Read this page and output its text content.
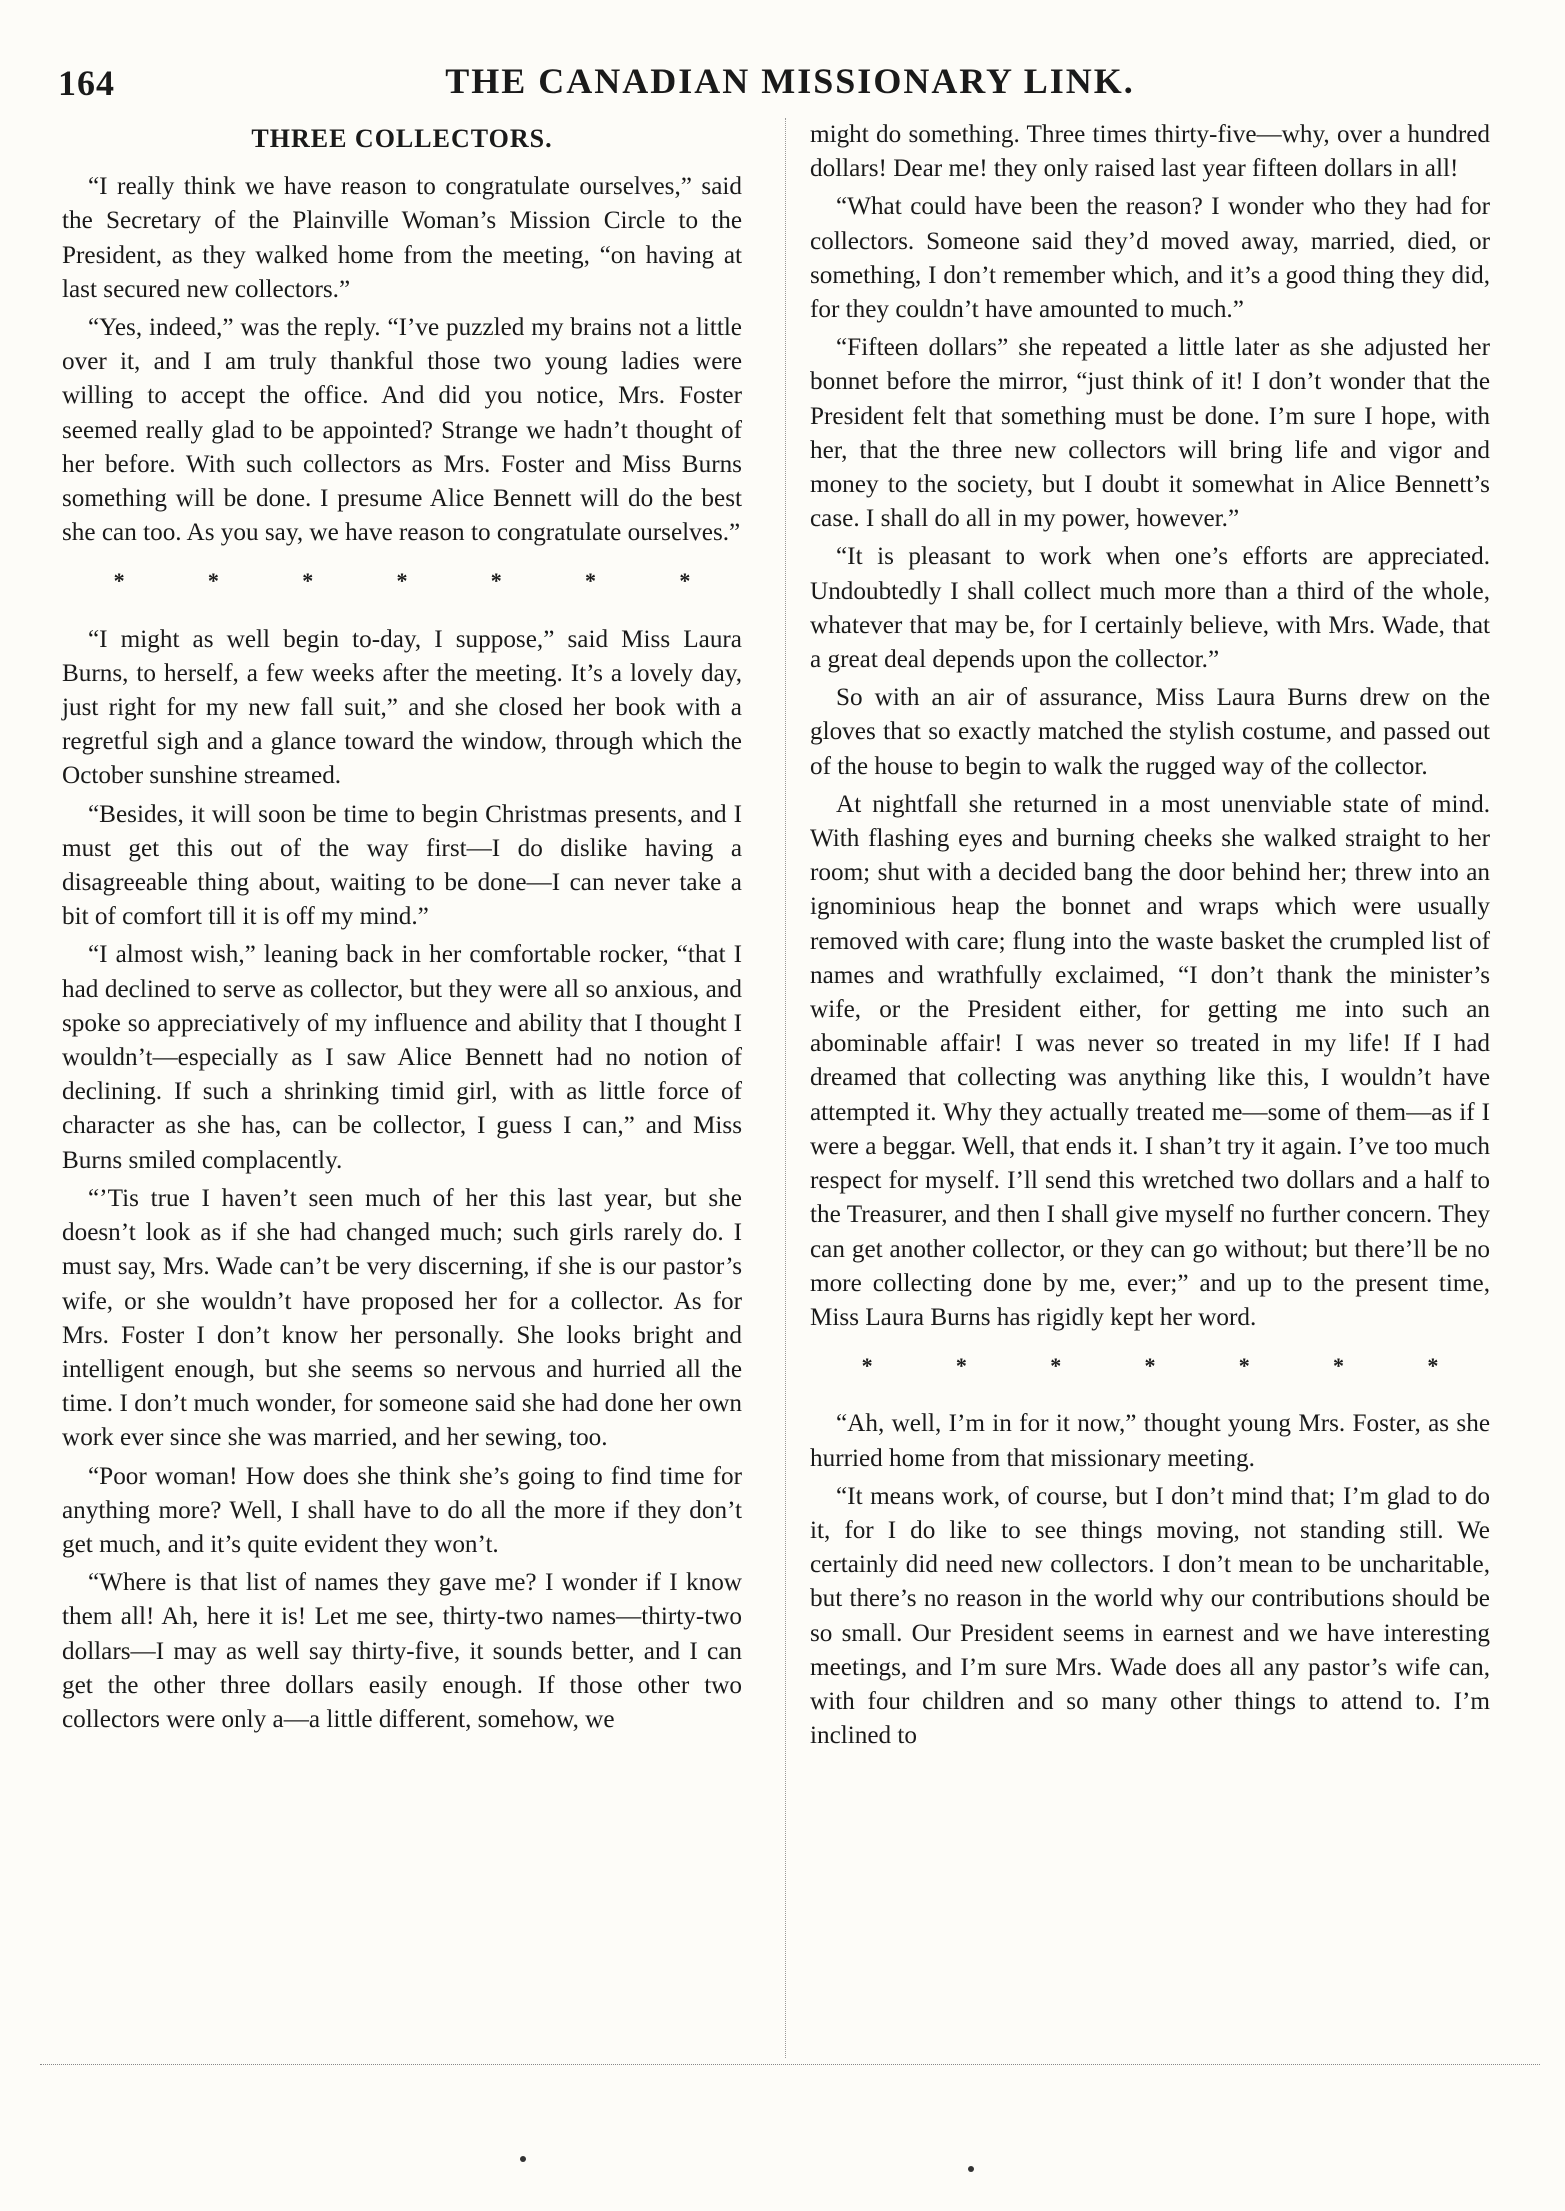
164	THE CANADIAN MISSIONARY LINK.
THREE COLLECTORS.

“I really think we have reason to congratulate ourselves,” said the Secretary of the Plainville Woman’s Mission Circle to the President, as they walked home from the meeting, “on having at last secured new collectors.”

“Yes, indeed,” was the reply. “I’ve puzzled my brains not a little over it, and I am truly thankful those two young ladies were willing to accept the office. And did you notice, Mrs. Foster seemed really glad to be appointed? Strange we hadn’t thought of her before. With such collectors as Mrs. Foster and Miss Burns something will be done. I presume Alice Bennett will do the best she can too. As you say, we have reason to congratulate ourselves.”

*	*	*	*	*	*	*

“I might as well begin to-day, I suppose,” said Miss Laura Burns, to herself, a few weeks after the meeting. It’s a lovely day, just right for my new fall suit,” and she closed her book with a regretful sigh and a glance toward the window, through which the October sunshine streamed.

“Besides, it will soon be time to begin Christmas presents, and I must get this out of the way first—I do dislike having a disagreeable thing about, waiting to be done—I can never take a bit of comfort till it is off my mind.”

“I almost wish,” leaning back in her comfortable rocker, “that I had declined to serve as collector, but they were all so anxious, and spoke so appreciatively of my influence and ability that I thought I wouldn’t—especially as I saw Alice Bennett had no notion of declining. If such a shrinking timid girl, with as little force of character as she has, can be collector, I guess I can,” and Miss Burns smiled complacently.

“’Tis true I haven’t seen much of her this last year, but she doesn’t look as if she had changed much; such girls rarely do. I must say, Mrs. Wade can’t be very discerning, if she is our pastor’s wife, or she wouldn’t have proposed her for a collector. As for Mrs. Foster I don’t know her personally. She looks bright and intelligent enough, but she seems so nervous and hurried all the time. I don’t much wonder, for someone said she had done her own work ever since she was married, and her sewing, too.

“Poor woman! How does she think she’s going to find time for anything more? Well, I shall have to do all the more if they don’t get much, and it’s quite evident they won’t.

“Where is that list of names they gave me? I wonder if I know them all! Ah, here it is! Let me see, thirty-two names—thirty-two dollars—I may as well say thirty-five, it sounds better, and I can get the other three dollars easily enough. If those other two collectors were only a—a little different, somehow, we

might do something. Three times thirty-five—why, over a hundred dollars! Dear me! they only raised last year fifteen dollars in all!

“What could have been the reason? I wonder who they had for collectors. Someone said they’d moved away, married, died, or something, I don’t remember which, and it’s a good thing they did, for they couldn’t have amounted to much.”

“Fifteen dollars” she repeated a little later as she adjusted her bonnet before the mirror, “just think of it! I don’t wonder that the President felt that something must be done. I’m sure I hope, with her, that the three new collectors will bring life and vigor and money to the society, but I doubt it somewhat in Alice Bennett’s case. I shall do all in my power, however.”

“It is pleasant to work when one’s efforts are appreciated. Undoubtedly I shall collect much more than a third of the whole, whatever that may be, for I certainly believe, with Mrs. Wade, that a great deal depends upon the collector.”

So with an air of assurance, Miss Laura Burns drew on the gloves that so exactly matched the stylish costume, and passed out of the house to begin to walk the rugged way of the collector.

At nightfall she returned in a most unenviable state of mind. With flashing eyes and burning cheeks she walked straight to her room; shut with a decided bang the door behind her; threw into an ignominious heap the bonnet and wraps which were usually removed with care; flung into the waste basket the crumpled list of names and wrathfully exclaimed, “I don’t thank the minister’s wife, or the President either, for getting me into such an abominable affair! I was never so treated in my life! If I had dreamed that collecting was anything like this, I wouldn’t have attempted it. Why they actually treated me—some of them—as if I were a beggar. Well, that ends it. I shan’t try it again. I’ve too much respect for myself. I’ll send this wretched two dollars and a half to the Treasurer, and then I shall give myself no further concern. They can get another collector, or they can go without; but there’ll be no more collecting done by me, ever;” and up to the present time, Miss Laura Burns has rigidly kept her word.

*	*	*	*	*	*	*

“Ah, well, I’m in for it now,” thought young Mrs. Foster, as she hurried home from that missionary meeting.

“It means work, of course, but I don’t mind that; I’m glad to do it, for I do like to see things moving, not standing still. We certainly did need new collectors. I don’t mean to be uncharitable, but there’s no reason in the world why our contributions should be so small. Our President seems in earnest and we have interesting meetings, and I’m sure Mrs. Wade does all any pastor’s wife can, with four children and so many other things to attend to. I’m inclined to
